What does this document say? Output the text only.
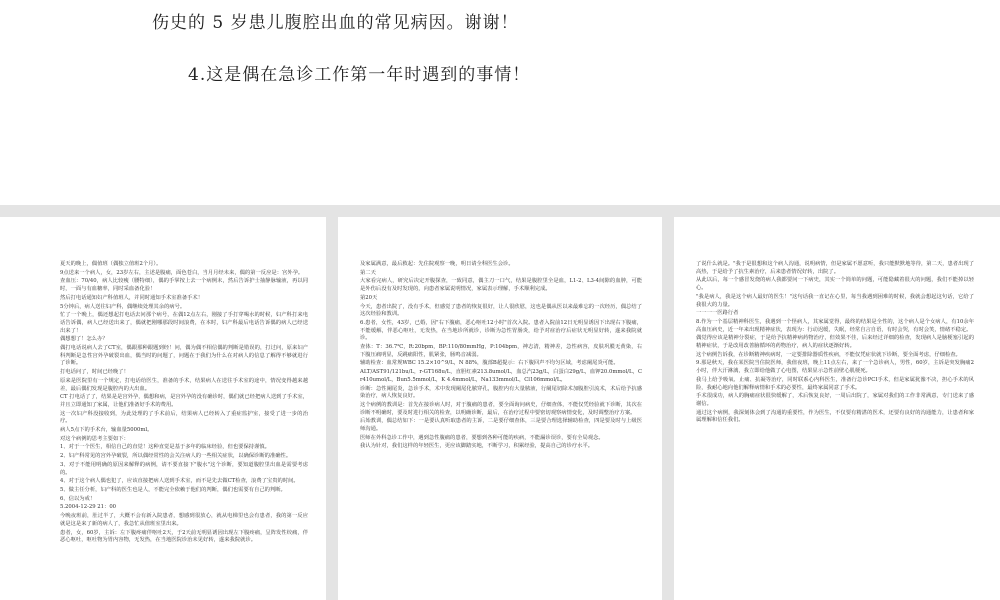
伤史的 5 岁患儿腹腔出血的常见病因。谢谢！
4.这是偶在急诊工作第一年时遇到的事情！

夏天的晚上，偶值班（偶独立值班2个月）。

9点送来一个病人，女，23岁左右，主述是腹痛，面色苍白，当月月经未来，偶的第一反应是：宫外孕。

查血压：70/40，病人比较瘦（腰特细），偶的手掌按上去一个病例未，然后告诉护士抽静脉输液，再以同时，一面与有血糖率，同时采血备化验！

然后打电话通知妇产科值班人，并同时通知手术室准备手术！

5分钟后，病人送往妇产科，偶继续处理其余的病号。

忙了一个晚上，偶还想起打电话去问那个病号，在偶12点左右，刚接了手打穿喝水的时候，妇产科打来电话告诉偶，病人已经送出来了，偶就把刚哪那段时间浪费，在本时，妇产科最后电话告诉偶的病人已经送出来了！

偶想想了！怎么办？

偶打电话说病人去了CT室，偶跟那种跟题到经！问，偶为偶不相信偶的判断是错误的，打过问，原来妇产科判断是急性宫外孕破裂出血，偶当时的问题了，问题在于我们为什么在对病人的信息了解得不够就进行了诊断。

打电话问了，时间已经晚了！

原来是医院里有一个规定，打电话给医生，准备的手术，结果病人在送往手术室的途中，情况变得越来越差，最后偶们发现是腹腔内的大出血。

CT 打电话了了，结果是是宫外孕，偶想和病，是宫外孕的没有确诊时，偶们就已经把病人送到了手术室，并且立即通知了家属，让他们准备好手术的费用。

这一次妇产科没接收到，为此处理的了手术前后，结果病人已经转入了重症监护室，接受了进一步的治疗。

病人5点下的手术台，输血量5000ml。

对这个病例的思考主要如下：

1、对于一个医生，相信自己的直觉！这种直觉是基于多年的临床经验，但也要保持谨慎。

2、妇产科常见的宫外孕破裂，所以偶经常性的会关注病人的一些相关症状，以确保诊断的准确性。

3、对于不能用明确的原因来解释的病例，请不要直接下"腹水"这个诊断，要知道腹腔里出血是需要考虑的。

4、对于这个病人偶也犯了，应该直接把病人送到手术室，而不是先去做CT检查，浪费了宝贵的时间。

5、做主任分析，妇产科的医生也是人，不能完全依赖于他们的判断，偶们也需要有自己的判断。

6、信以为戒！

5.2004-12-29 21：00

今晚夜班前，肚过半了，大概不会有新入院患者，想感到很放心，就从电梯里也会有患者，我的第一反应就是这是来了新的病人了，我急忙从值班室里出来。

患者，女，60岁，主诉：左下腹疼痛伴呕吐2天，于2天前无明显诱因出现左下腹疼痛，呈阵发性绞痛，伴恶心呕吐，呕吐物为胃内容物，无发热，在当地医院诊治未见好转，遂来我院就诊。

及家属满意，最后救起：先住院观察一晚，明日请全科医生会诊。

第二天

大家看完病人，研究后决定开腹探查，一致同意，偶主刀一口气，结果是腹腔里全是血，L1-2、L3-4间隙的血肿，可能是外伤后没有及时发现的，向患者家属说明情况，家属表示理解，手术顺利完成。

第20天

今天，患者出院了，没有手术，但感觉了患者的恢复很好，让人很欣慰，这也是偶从医以来最难忘的一次经历，偶总结了这次经验和教训。

6.患者，女性，43岁，已婚，因"右下腹痛，恶心呕吐12小时"首次入院。患者入院前12日无明显诱因下出现右下腹痛，不能缓解，伴恶心呕吐，无发热，在当地诊所就诊，诊断为急性胃肠炎，给予对症治疗后症状无明显好转，遂来我院就诊。

查体：T：36.7℃，R:20bpm，BP:110/80mmHg，P:104bpm，神志清，精神差，急性病容，皮肤巩膜无黄染，右下腹压痛明显，反跳痛阳性，肌紧张，肠鸣音减弱。

辅助检查：血常规WBC 15.2×10^9/L，N 88%，腹部B超提示：右下腹回声不均匀区域，考虑阑尾炎可能。

ALT/AST91/121bu/L，r-GT168u/L，直胆红素213.8umol/L，血总汽23g/L，白蛋白29g/L，血钾20.0mmol/L，Cr410umol/L，Bun5.5mmol/L，K 4.4mmol/L，Na133mmol/L，Cl106mmol/L。

诊断：急性阑尾炎，急诊手术，术中发现阑尾化脓穿孔，腹腔内有大量脓液，行阑尾切除术加腹腔引流术，术后给予抗感染治疗，病人恢复良好。

这个病例的教训是：首先在接诊病人时，对于腹痛的患者，要全面询问病史，仔细查体，不能仅凭经验就下诊断，其次在诊断不明确时，要及时进行相关的检查，以明确诊断，最后，在治疗过程中要密切观察病情变化，及时调整治疗方案。

后始教训，偶总结如下：一是要认真听取患者的主诉，二是要仔细查体，三是要合理选择辅助检查，四是要及时与上级医师沟通。

医师在外科急诊工作中，遇到急性腹痛的患者，要想到各种可能的疾病，不能漏诊误诊，要有全局观念。

我认为针对，我们这样的年轻医生，更应该脚踏实地，不断学习，积累经验，提高自己的诊疗水平。

了说什么就是。"我于是很想和这个病人沟通，说明病情，但是家属不愿意听，我只能默默地等待，第二天，患者出现了高热，于是给予了抗生素治疗，后来患者情况好转，出院了。

从此以后，每一个感冒发烧的病人我都要问一下病史，其实一个简单的问题，可能隐藏着很大的问题，我们不能掉以轻心。

"我是病人，我是这个病人最好的医生！"这句话我一直记在心里，每当我遇到困难的时候，我就会想起这句话，它给了我很大的力量。

一一一一医路行者

8.作为一个基层精神科医生，我遇到一个怪病人，其家属觉得，最终的结果是全性的，这个病人是个女病人，有10余年高血压病史，近一年来出现精神症状，表现为：行动迟缓，失眠，经常自言自语，有时会哭，有时会笑，情绪不稳定。

偶觉得应该是精神分裂症，于是给予抗精神病药物治疗，但效果不佳，后来经过详细的检查，发现病人是脑梗塞引起的精神症状，于是改用改善脑循环的药物治疗，病人的症状逐渐好转。

这个病例告诉我，在诊断精神疾病时，一定要排除器质性疾病，不能仅凭症状就下诊断，要全面考虑，仔细检查。

9.那是秋天，我在某医院当住院医师，我值夜班，晚上11点左右，来了一个急诊病人，男性，60岁，主诉是突发胸痛2小时，伴大汗淋漓，我立即给他做了心电图，结果显示急性前壁心肌梗死。

我马上给予吸氧、止痛、抗凝等治疗，同时联系心内科医生，准备行急诊PCI手术，但是家属犹豫不决，担心手术的风险，我耐心地向他们解释病情和手术的必要性，最终家属同意了手术。

手术很成功，病人的胸痛症状很快缓解了，术后恢复良好，一周后出院了，家属对我们的工作非常满意，专门送来了感谢信。

通过这个病例，我深刻体会到了沟通的重要性，作为医生，不仅要有精湛的医术，还要有良好的沟通能力，让患者和家属理解和信任我们。
